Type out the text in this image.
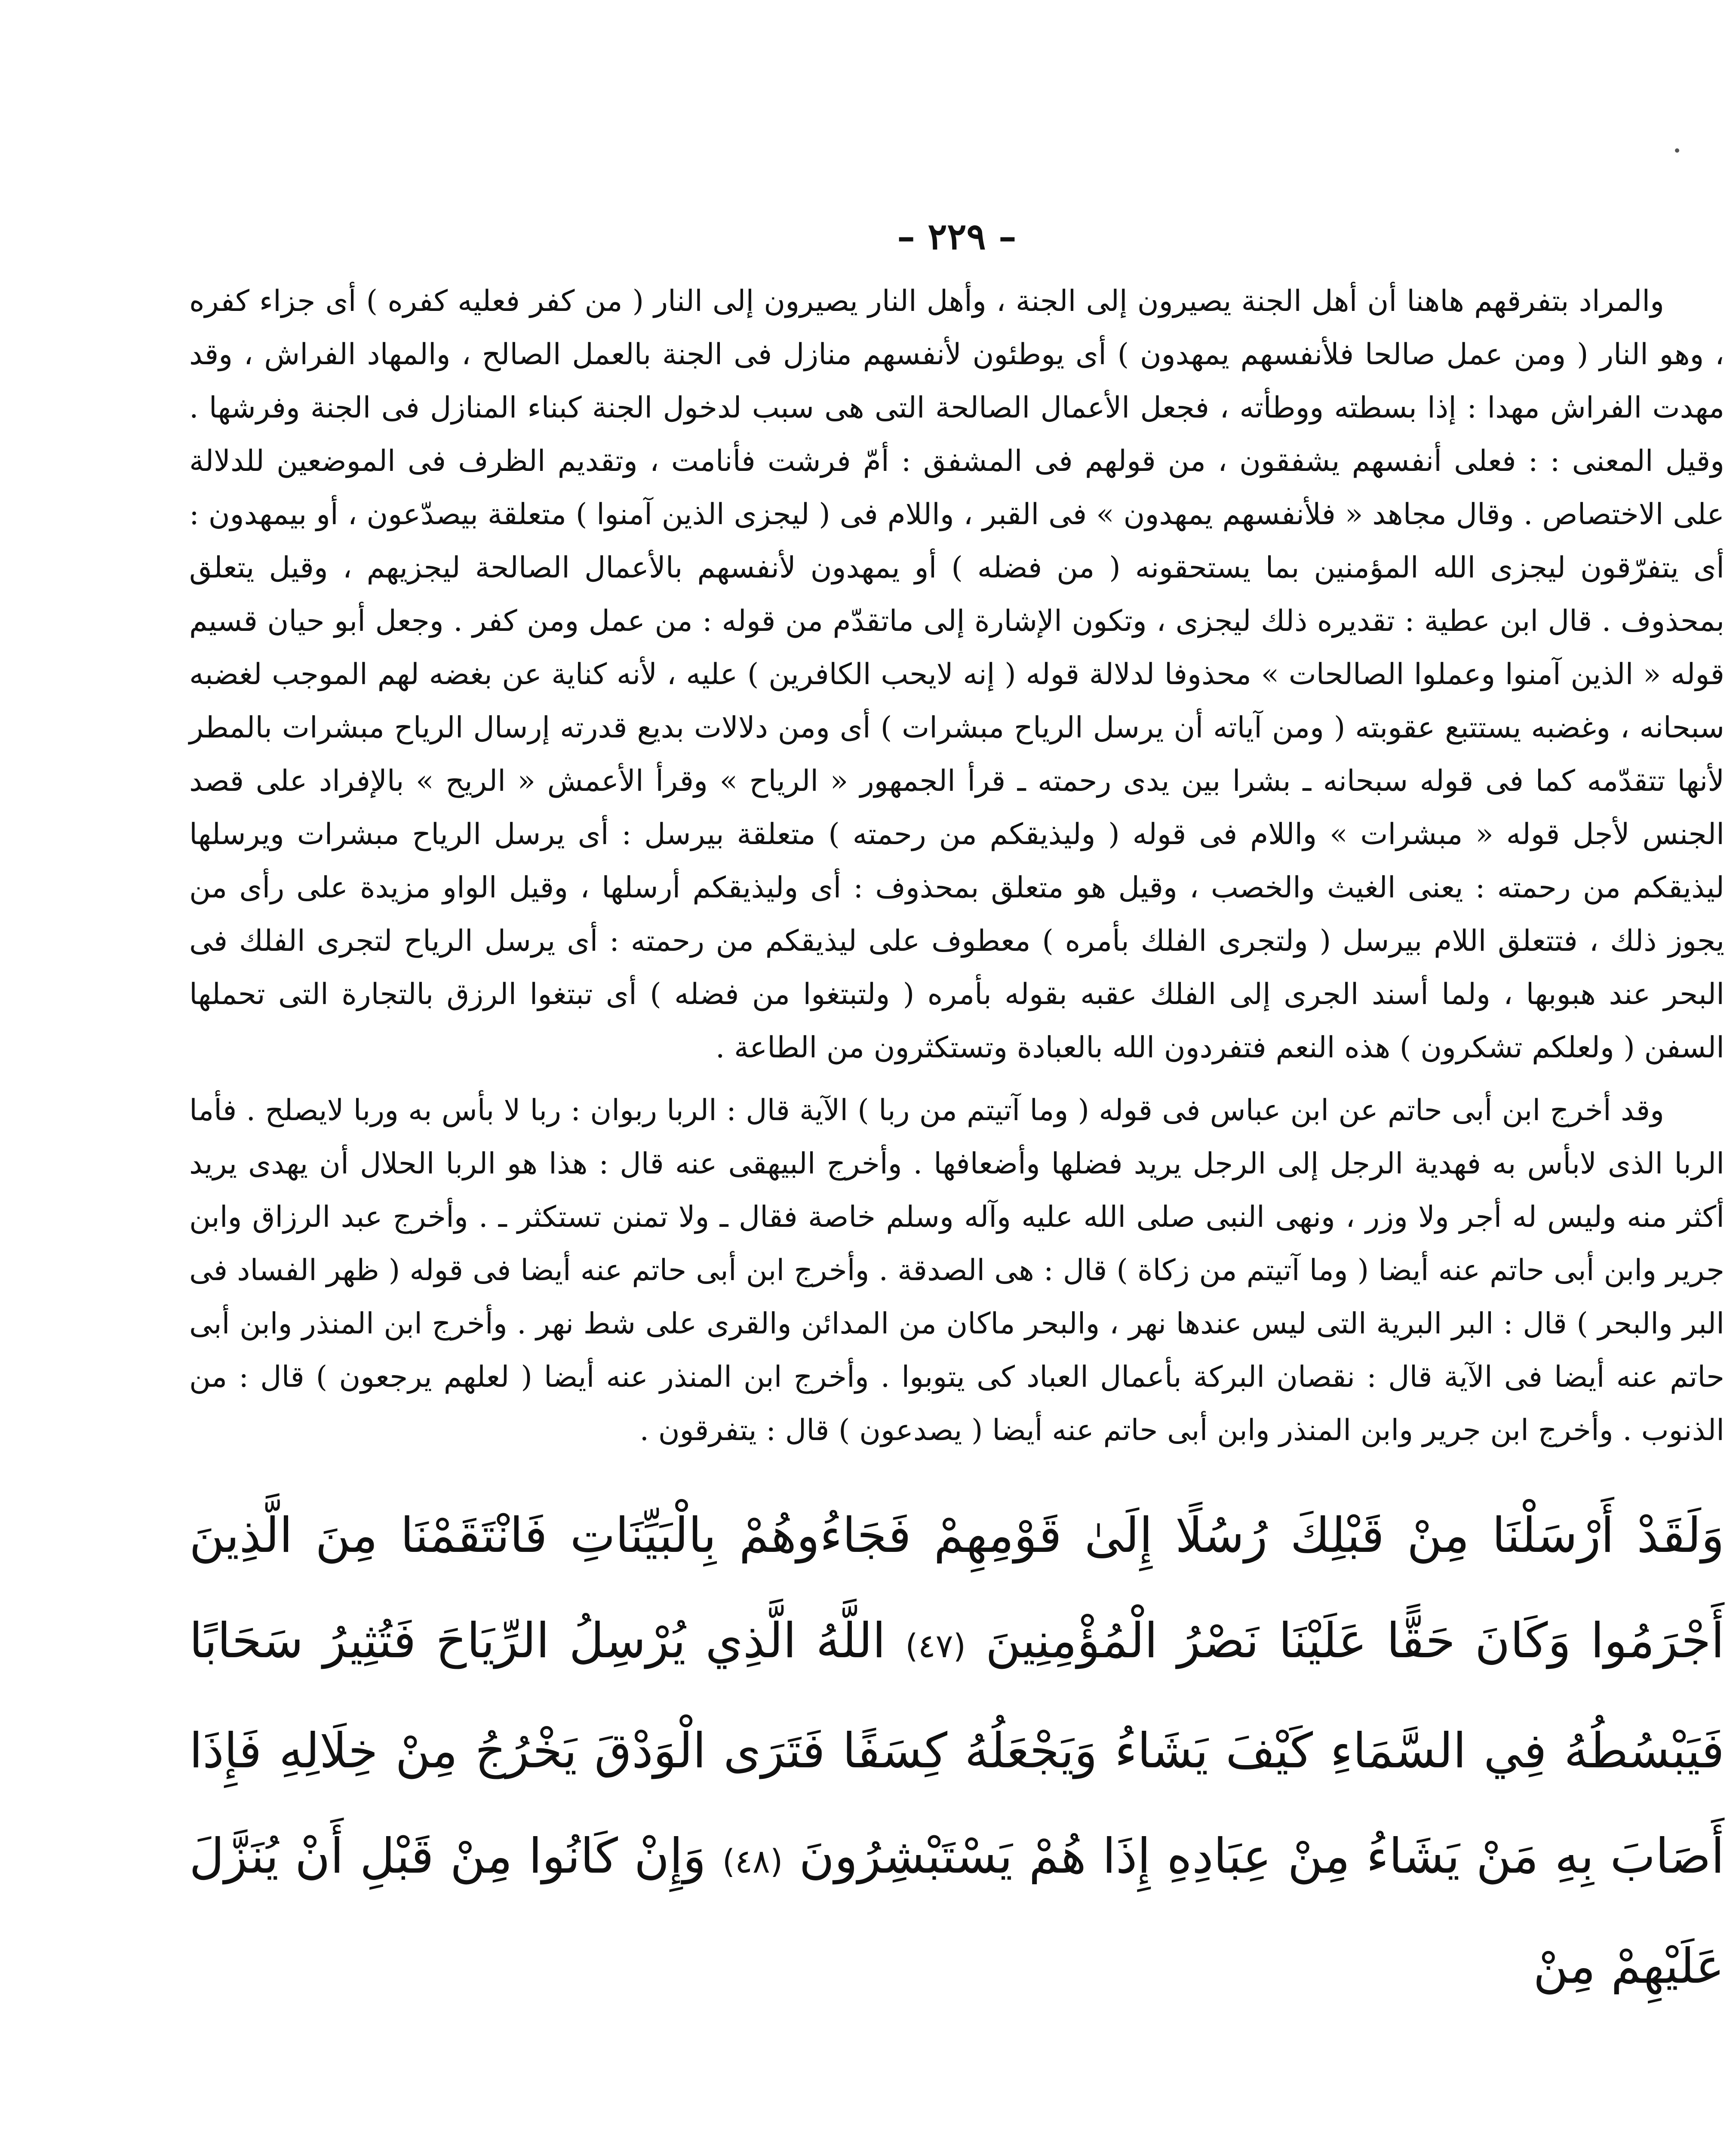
– ٢٢٩ –

والمراد بتفرقهم هاهنا أن أهل الجنة يصيرون إلى الجنة ، وأهل النار يصيرون إلى النار ( من كفر فعليه كفره ) أى جزاء كفره ، وهو النار ( ومن عمل صالحا فلأنفسهم يمهدون ) أى يوطئون لأنفسهم منازل فى الجنة بالعمل الصالح ، والمهاد الفراش ، وقد مهدت الفراش مهدا : إذا بسطته ووطأته ، فجعل الأعمال الصالحة التى هى سبب لدخول الجنة كبناء المنازل فى الجنة وفرشها . وقيل المعنى : : فعلى أنفسهم يشفقون ، من قولهم فى المشفق : أمّ فرشت فأنامت ، وتقديم الظرف فى الموضعين للدلالة على الاختصاص . وقال مجاهد « فلأنفسهم يمهدون » فى القبر ، واللام فى ( ليجزى الذين آمنوا ) متعلقة بيصدّعون ، أو بيمهدون : أى يتفرّقون ليجزى الله المؤمنين بما يستحقونه ( من فضله ) أو يمهدون لأنفسهم بالأعمال الصالحة ليجزيهم ، وقيل يتعلق بمحذوف . قال ابن عطية : تقديره ذلك ليجزى ، وتكون الإشارة إلى ماتقدّم من قوله : من عمل ومن كفر . وجعل أبو حيان قسيم قوله « الذين آمنوا وعملوا الصالحات » محذوفا لدلالة قوله ( إنه لايحب الكافرين ) عليه ، لأنه كناية عن بغضه لهم الموجب لغضبه سبحانه ، وغضبه يستتبع عقوبته ( ومن آياته أن يرسل الرياح مبشرات ) أى ومن دلالات بديع قدرته إرسال الرياح مبشرات بالمطر لأنها تتقدّمه كما فى قوله سبحانه ـ بشرا بين يدى رحمته ـ قرأ الجمهور « الرياح » وقرأ الأعمش « الريح » بالإفراد على قصد الجنس لأجل قوله « مبشرات » واللام فى قوله ( وليذيقكم من رحمته ) متعلقة بيرسل : أى يرسل الرياح مبشرات ويرسلها ليذيقكم من رحمته : يعنى الغيث والخصب ، وقيل هو متعلق بمحذوف : أى وليذيقكم أرسلها ، وقيل الواو مزيدة على رأى من يجوز ذلك ، فتتعلق اللام بيرسل ( ولتجرى الفلك بأمره ) معطوف على ليذيقكم من رحمته : أى يرسل الرياح لتجرى الفلك فى البحر عند هبوبها ، ولما أسند الجرى إلى الفلك عقبه بقوله بأمره ( ولتبتغوا من فضله ) أى تبتغوا الرزق بالتجارة التى تحملها السفن ( ولعلكم تشكرون ) هذه النعم فتفردون الله بالعبادة وتستكثرون من الطاعة .

وقد أخرج ابن أبى حاتم عن ابن عباس فى قوله ( وما آتيتم من ربا ) الآية قال : الربا ربوان : ربا لا بأس به وربا لايصلح . فأما الربا الذى لابأس به فهدية الرجل إلى الرجل يريد فضلها وأضعافها . وأخرج البيهقى عنه قال : هذا هو الربا الحلال أن يهدى يريد أكثر منه وليس له أجر ولا وزر ، ونهى النبى صلى الله عليه وآله وسلم خاصة فقال ـ ولا تمنن تستكثر ـ . وأخرج عبد الرزاق وابن جرير وابن أبى حاتم عنه أيضا ( وما آتيتم من زكاة ) قال : هى الصدقة . وأخرج ابن أبى حاتم عنه أيضا فى قوله ( ظهر الفساد فى البر والبحر ) قال : البر البرية التى ليس عندها نهر ، والبحر ماكان من المدائن والقرى على شط نهر . وأخرج ابن المنذر وابن أبى حاتم عنه أيضا فى الآية قال : نقصان البركة بأعمال العباد كى يتوبوا . وأخرج ابن المنذر عنه أيضا ( لعلهم يرجعون ) قال : من الذنوب . وأخرج ابن جرير وابن المنذر وابن أبى حاتم عنه أيضا ( يصدعون ) قال : يتفرقون .

وَلَقَدْ أَرْسَلْنَا مِنْ قَبْلِكَ رُسُلًا إِلَىٰ قَوْمِهِمْ فَجَاءُوهُمْ بِالْبَيِّنَاتِ فَانْتَقَمْنَا مِنَ الَّذِينَ أَجْرَمُوا وَكَانَ حَقًّا عَلَيْنَا نَصْرُ الْمُؤْمِنِينَ (٤٧) اللَّهُ الَّذِي يُرْسِلُ الرِّيَاحَ فَتُثِيرُ سَحَابًا فَيَبْسُطُهُ فِي السَّمَاءِ كَيْفَ يَشَاءُ وَيَجْعَلُهُ كِسَفًا فَتَرَى الْوَدْقَ يَخْرُجُ مِنْ خِلَالِهِ فَإِذَا أَصَابَ بِهِ مَنْ يَشَاءُ مِنْ عِبَادِهِ إِذَا هُمْ يَسْتَبْشِرُونَ (٤٨) وَإِنْ كَانُوا مِنْ قَبْلِ أَنْ يُنَزَّلَ عَلَيْهِمْ مِنْ
